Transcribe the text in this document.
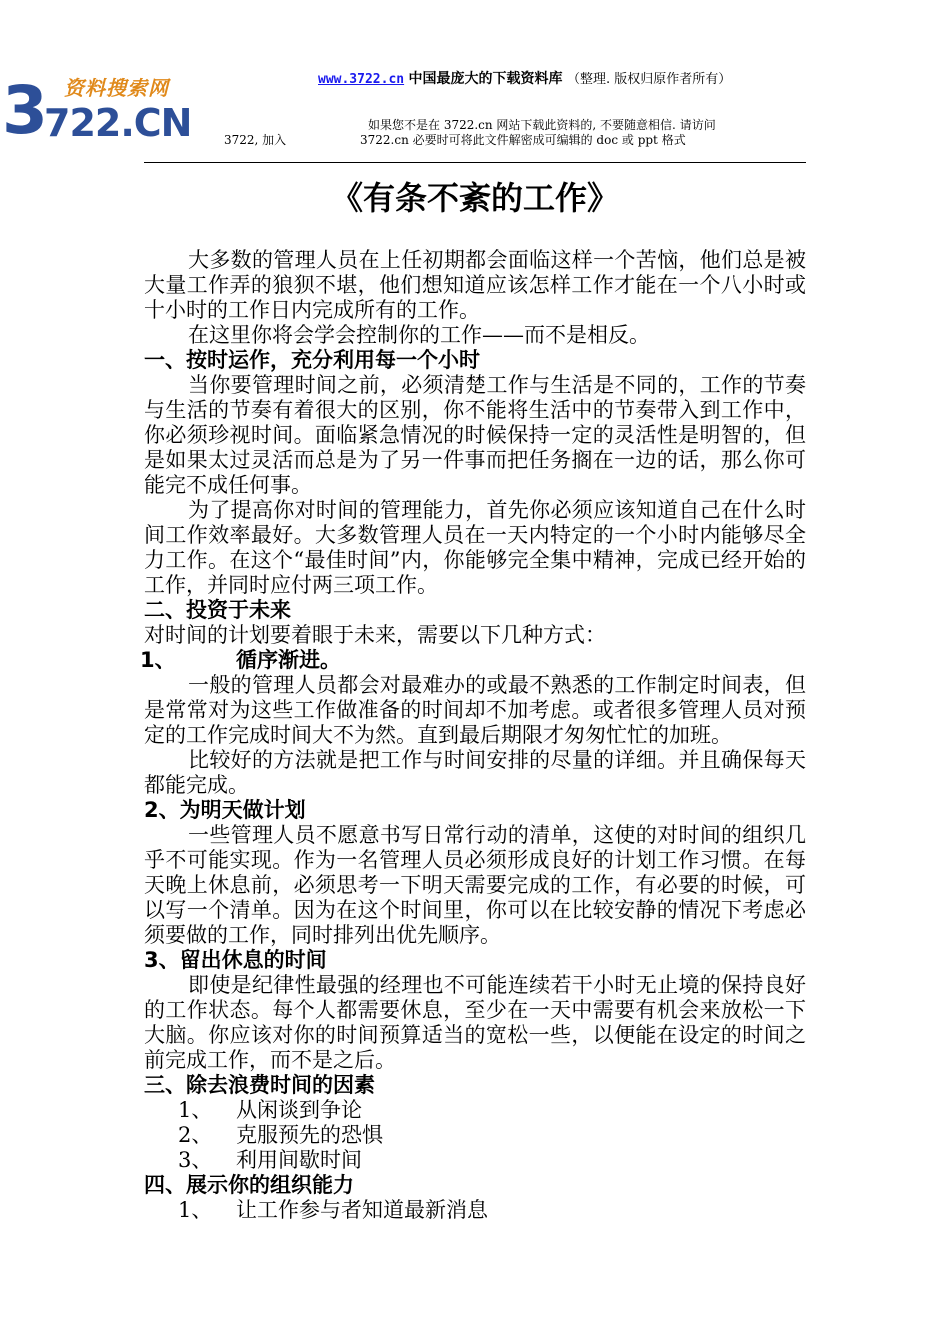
资料搜索网
3
722.CN
www.3722.cn 中国最庞大的下载资料库 （整理. 版权归原作者所有）
如果您不是在 3722.cn 网站下载此资料的, 不要随意相信. 请访问
3722, 加入	3722.cn 必要时可将此文件解密成可编辑的 doc 或 ppt 格式
《有条不紊的工作》

大多数的管理人员在上任初期都会面临这样一个苦恼，他们总是被大量工作弄的狼狈不堪，他们想知道应该怎样工作才能在一个八小时或十小时的工作日内完成所有的工作。

在这里你将会学会控制你的工作——而不是相反。

一、按时运作，充分利用每一个小时

当你要管理时间之前，必须清楚工作与生活是不同的，工作的节奏与生活的节奏有着很大的区别，你不能将生活中的节奏带入到工作中，你必须珍视时间。面临紧急情况的时候保持一定的灵活性是明智的，但是如果太过灵活而总是为了另一件事而把任务搁在一边的话，那么你可能完不成任何事。

为了提高你对时间的管理能力，首先你必须应该知道自己在什么时间工作效率最好。大多数管理人员在一天内特定的一个小时内能够尽全力工作。在这个“最佳时间”内，你能够完全集中精神，完成已经开始的工作，并同时应付两三项工作。

二、投资于未来

对时间的计划要着眼于未来，需要以下几种方式：

1、	循序渐进。

一般的管理人员都会对最难办的或最不熟悉的工作制定时间表，但是常常对为这些工作做准备的时间却不加考虑。或者很多管理人员对预定的工作完成时间大不为然。直到最后期限才匆匆忙忙的加班。

比较好的方法就是把工作与时间安排的尽量的详细。并且确保每天都能完成。

2、为明天做计划

一些管理人员不愿意书写日常行动的清单，这使的对时间的组织几乎不可能实现。作为一名管理人员必须形成良好的计划工作习惯。在每天晚上休息前，必须思考一下明天需要完成的工作，有必要的时候，可以写一个清单。因为在这个时间里，你可以在比较安静的情况下考虑必须要做的工作，同时排列出优先顺序。

3、留出休息的时间

即使是纪律性最强的经理也不可能连续若干小时无止境的保持良好的工作状态。每个人都需要休息，至少在一天中需要有机会来放松一下大脑。你应该对你的时间预算适当的宽松一些，以便能在设定的时间之前完成工作，而不是之后。

三、除去浪费时间的因素

1、 从闲谈到争论

2、 克服预先的恐惧

3、 利用间歇时间

四、展示你的组织能力

1、 让工作参与者知道最新消息
